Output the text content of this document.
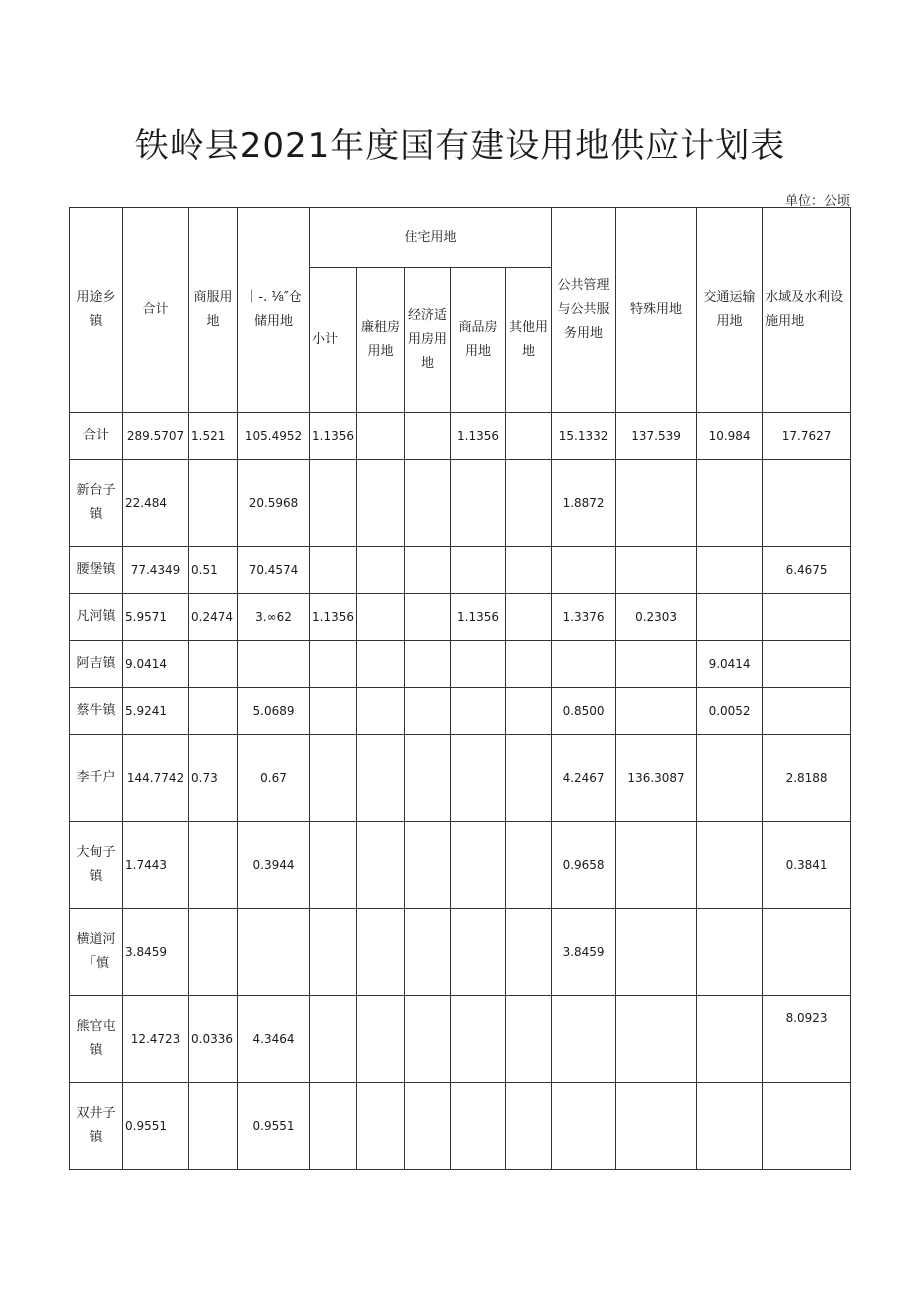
铁岭县2021年度国有建设用地供应计划表
单位：公顷
用途乡镇	合计	商服用地	｜-. ⅛″仓储用地	住宅用地					公共管理与公共服务用地	特殊用地	交通运输用地	水域及水利设施用地
				小计	廉租房用地	经济适用房用地	商品房用地	其他用地				
合计	289.5707	1.521	105.4952	1.1356			1.1356		15.1332	137.539	10.984	17.7627
新台子镇	22.484		20.5968						1.8872			
腰堡镇	77.4349	0.51	70.4574									6.4675
凡河镇	5.9571	0.2474	3.∞62	1.1356			1.1356		1.3376	0.2303		
阿吉镇	9.0414										9.0414	
蔡牛镇	5.9241		5.0689						0.8500		0.0052	
李千户	144.7742	0.73	0.67						4.2467	136.3087		2.8188
大甸子镇	1.7443		0.3944						0.9658			0.3841
横道河「慎	3.8459								3.8459			
熊官屯镇	12.4723	0.0336	4.3464									8.0923
双井子镇	0.9551		0.9551									
